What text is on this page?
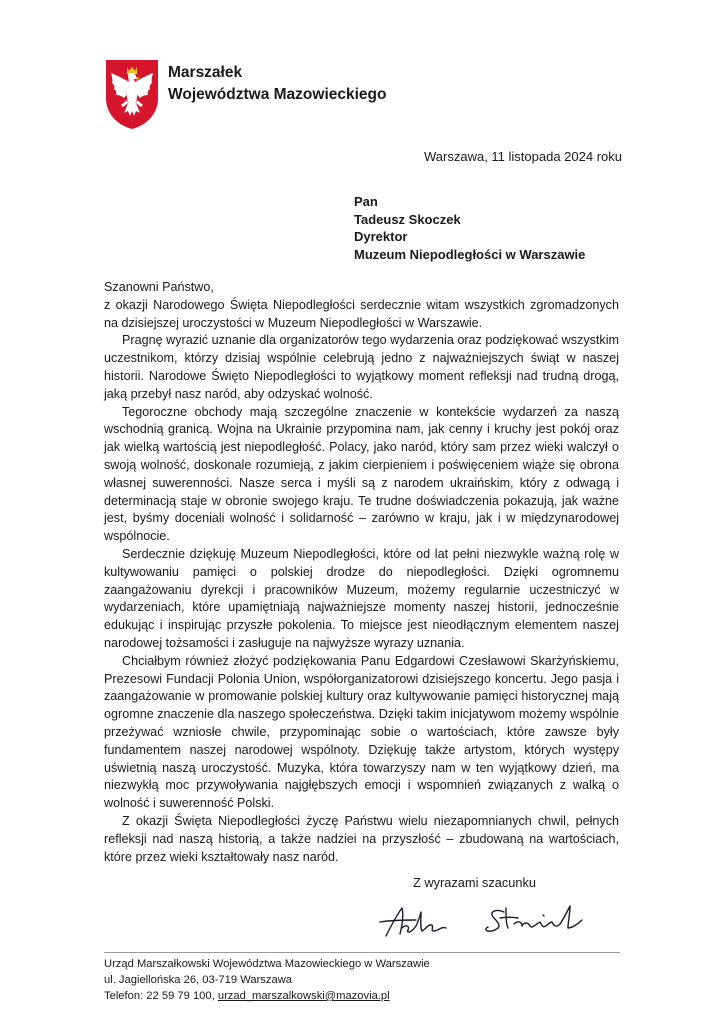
Marszałek
Województwa Mazowieckiego
Warszawa, 11 listopada 2024 roku
Pan
Tadeusz Skoczek
Dyrektor
Muzeum Niepodległości w Warszawie

Szanowni Państwo,

z okazji Narodowego Święta Niepodległości serdecznie witam wszystkich zgromadzonych na dzisiejszej uroczystości w Muzeum Niepodległości w Warszawie.

Pragnę wyrazić uznanie dla organizatorów tego wydarzenia oraz podziękować wszystkim uczestnikom, którzy dzisiaj wspólnie celebrują jedno z najważniejszych świąt w naszej historii. Narodowe Święto Niepodległości to wyjątkowy moment refleksji nad trudną drogą, jaką przebył nasz naród, aby odzyskać wolność.

Tegoroczne obchody mają szczególne znaczenie w kontekście wydarzeń za naszą wschodnią granicą. Wojna na Ukrainie przypomina nam, jak cenny i kruchy jest pokój oraz jak wielką wartością jest niepodległość. Polacy, jako naród, który sam przez wieki walczył o swoją wolność, doskonale rozumieją, z jakim cierpieniem i poświęceniem wiąże się obrona własnej suwerenności. Nasze serca i myśli są z narodem ukraińskim, który z odwagą i determinacją staje w obronie swojego kraju. Te trudne doświadczenia pokazują, jak ważne jest, byśmy doceniali wolność i solidarność – zarówno w kraju, jak i w międzynarodowej wspólnocie.

Serdecznie dziękuję Muzeum Niepodległości, które od lat pełni niezwykle ważną rolę w kultywowaniu pamięci o polskiej drodze do niepodległości. Dzięki ogromnemu zaangażowaniu dyrekcji i pracowników Muzeum, możemy regularnie uczestniczyć w wydarzeniach, które upamiętniają najważniejsze momenty naszej historii, jednocześnie edukując i inspirując przyszłe pokolenia. To miejsce jest nieodłącznym elementem naszej narodowej tożsamości i zasługuje na najwyższe wyrazy uznania.

Chciałbym również złożyć podziękowania Panu Edgardowi Czesławowi Skarżyńskiemu, Prezesowi Fundacji Polonia Union, współorganizatorowi dzisiejszego koncertu. Jego pasja i zaangażowanie w promowanie polskiej kultury oraz kultywowanie pamięci historycznej mają ogromne znaczenie dla naszego społeczeństwa. Dzięki takim inicjatywom możemy wspólnie przeżywać wzniosłe chwile, przypominając sobie o wartościach, które zawsze były fundamentem naszej narodowej wspólnoty. Dziękuję także artystom, których występy uświetnią naszą uroczystość. Muzyka, która towarzyszy nam w ten wyjątkowy dzień, ma niezwykłą moc przywoływania najgłębszych emocji i wspomnień związanych z walką o wolność i suwerenność Polski.

Z okazji Święta Niepodległości życzę Państwu wielu niezapomnianych chwil, pełnych refleksji nad naszą historią, a także nadziei na przyszłość – zbudowaną na wartościach, które przez wieki kształtowały nasz naród.

Z wyrazami szacunku
Urząd Marszałkowski Województwa Mazowieckiego w Warszawie
ul. Jagiellońska 26, 03-719 Warszawa
Telefon: 22 59 79 100, urzad_marszalkowski@mazovia.pl
